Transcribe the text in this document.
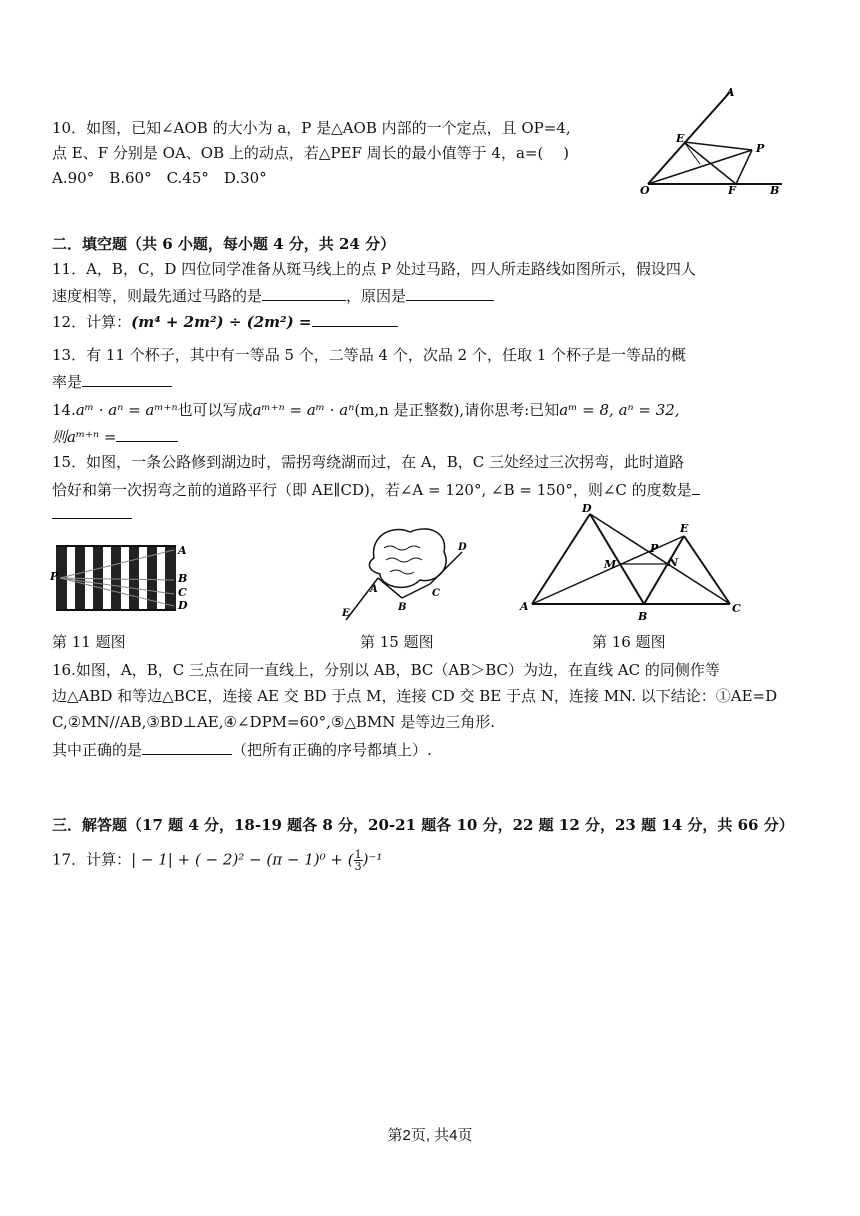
10．如图，已知∠AOB 的大小为 a，P 是△AOB 内部的一个定点，且 OP=4,
点 E、F 分别是 OA、OB 上的动点，若△PEF 周长的最小值等于 4，a=(　 )
A.90°　B.60°　C.45°　D.30°
A
E
P
O	F	B
二．填空题（共 6 小题，每小题 4 分，共 24 分）
11．A，B，C，D 四位同学准备从斑马线上的点 P 处过马路，四人所走路线如图所示，假设四人
速度相等，则最先通过马路的是	，原因是
12．计算：(m⁴ + 2m²) ÷ (2m²) =
13．有 11 个杯子，其中有一等品 5 个，二等品 4 个，次品 2 个，任取 1 个杯子是一等品的概
率是
14.aᵐ · aⁿ = aᵐ⁺ⁿ也可以写成aᵐ⁺ⁿ = aᵐ · aⁿ(m,n 是正整数),请你思考:已知aᵐ = 8, aⁿ = 32,
则aᵐ⁺ⁿ =
15．如图，一条公路修到湖边时，需拐弯绕湖而过，在 A，B，C 三处经过三次拐弯，此时道路
恰好和第一次拐弯之前的道路平行（即 AE∥CD)，若∠A = 120°, ∠B = 150°，则∠C 的度数是
P
A
B
C
D
E
A
B
C
D
A
B
C
D
E
M	N
P
第 11 题图	第 15 题图	第 16 题图
16.如图，A，B，C 三点在同一直线上，分别以 AB，BC（AB＞BC）为边，在直线 AC 的同侧作等
边△ABD 和等边△BCE，连接 AE 交 BD 于点 M，连接 CD 交 BE 于点 N，连接 MN. 以下结论：①AE=D
C,②MN//AB,③BD⊥AE,④∠DPM=60°,⑤△BMN 是等边三角形.
其中正确的是	（把所有正确的序号都填上）.
三．解答题（17 题 4 分，18-19 题各 8 分，20-21 题各 10 分，22 题 12 分，23 题 14 分，共 66 分）
17．计算：| − 1| + ( − 2)² − (π − 1)⁰ + ( $\frac{1}{3} )^{-1}$
第2页, 共4页
